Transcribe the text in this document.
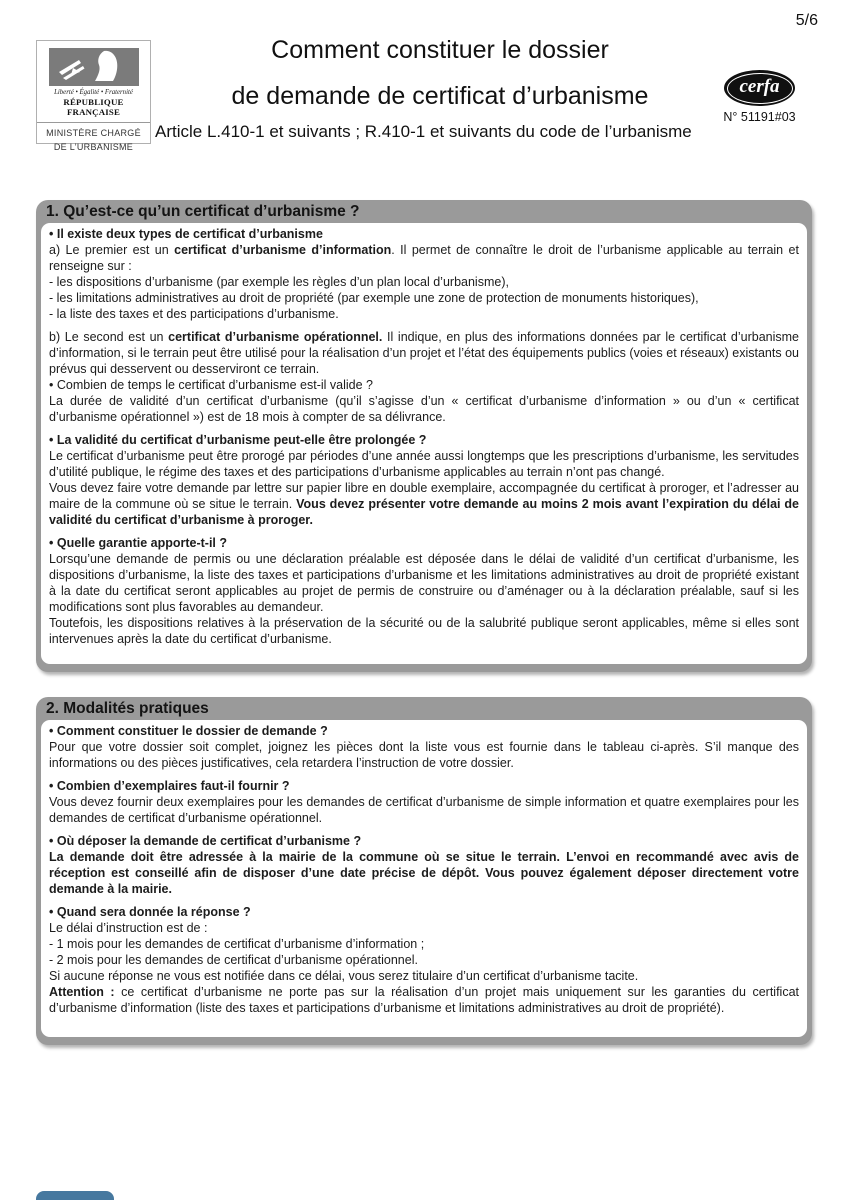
5/6
Liberté • Égalité • Fraternité
RÉPUBLIQUE FRANÇAISE
MINISTÈRE CHARGÉ
DE L’URBANISME
Comment constituer le dossier
de demande de certificat d’urbanisme	cerfa
N° 51191#03
Article L.410-1 et suivants ; R.410-1 et suivants du code de l’urbanisme
1. Qu’est-ce qu’un certificat d’urbanisme ?
• Il existe deux types de certificat d’urbanisme
a) Le premier est un certificat d’urbanisme d’information. Il permet de connaître le droit de l’urbanisme applicable au terrain et renseigne sur :
- les dispositions d’urbanisme (par exemple les règles d’un plan local d’urbanisme),
- les limitations administratives au droit de propriété (par exemple une zone de protection de monuments historiques),
- la liste des taxes et des participations d’urbanisme.
b) Le second est un certificat d’urbanisme opérationnel. Il indique, en plus des informations données par le certificat d’urbanisme d’information, si le terrain peut être utilisé pour la réalisation d’un projet et l’état des équipements publics (voies et réseaux) existants ou prévus qui desservent ou desserviront ce terrain.
• Combien de temps le certificat d’urbanisme est-il valide ?
La durée de validité d’un certificat d’urbanisme (qu’il s’agisse d’un « certificat d’urbanisme d’information » ou d’un « certificat d’urbanisme opérationnel ») est de 18 mois à compter de sa délivrance.
• La validité du certificat d’urbanisme peut-elle être prolongée ?
Le certificat d’urbanisme peut être prorogé par périodes d’une année aussi longtemps que les prescriptions d’urbanisme, les servitudes d’utilité publique, le régime des taxes et des participations d’urbanisme applicables au terrain n’ont pas changé.
Vous devez faire votre demande par lettre sur papier libre en double exemplaire, accompagnée du certificat à proroger, et l’adresser au maire de la commune où se situe le terrain. Vous devez présenter votre demande au moins 2 mois avant l’expiration du délai de validité du certificat d’urbanisme à proroger.
• Quelle garantie apporte-t-il ?
Lorsqu’une demande de permis ou une déclaration préalable est déposée dans le délai de validité d’un certificat d’urbanisme, les dispositions d’urbanisme, la liste des taxes et participations d’urbanisme et les limitations administratives au droit de propriété existant à la date du certificat seront applicables au projet de permis de construire ou d’aménager ou à la déclaration préalable, sauf si les modifications sont plus favorables au demandeur.
Toutefois, les dispositions relatives à la préservation de la sécurité ou de la salubrité publique seront applicables, même si elles sont intervenues après la date du certificat d’urbanisme.
2. Modalités pratiques
• Comment constituer le dossier de demande ?
Pour que votre dossier soit complet, joignez les pièces dont la liste vous est fournie dans le tableau ci-après. S’il manque des informations ou des pièces justificatives, cela retardera l’instruction de votre dossier.
• Combien d’exemplaires faut-il fournir ?
Vous devez fournir deux exemplaires pour les demandes de certificat d’urbanisme de simple information et quatre exemplaires pour les demandes de certificat d’urbanisme opérationnel.
• Où déposer la demande de certificat d’urbanisme ?
La demande doit être adressée à la mairie de la commune où se situe le terrain. L’envoi en recommandé avec avis de réception est conseillé afin de disposer d’une date précise de dépôt. Vous pouvez également déposer directement votre demande à la mairie.
• Quand sera donnée la réponse ?
Le délai d’instruction est de :
- 1 mois pour les demandes de certificat d’urbanisme d’information ;
- 2 mois pour les demandes de certificat d’urbanisme opérationnel.
Si aucune réponse ne vous est notifiée dans ce délai, vous serez titulaire d’un certificat d’urbanisme tacite.
Attention : ce certificat d’urbanisme ne porte pas sur la réalisation d’un projet mais uniquement sur les garanties du certificat d’urbanisme d’information (liste des taxes et participations d’urbanisme et limitations administratives au droit de propriété).
